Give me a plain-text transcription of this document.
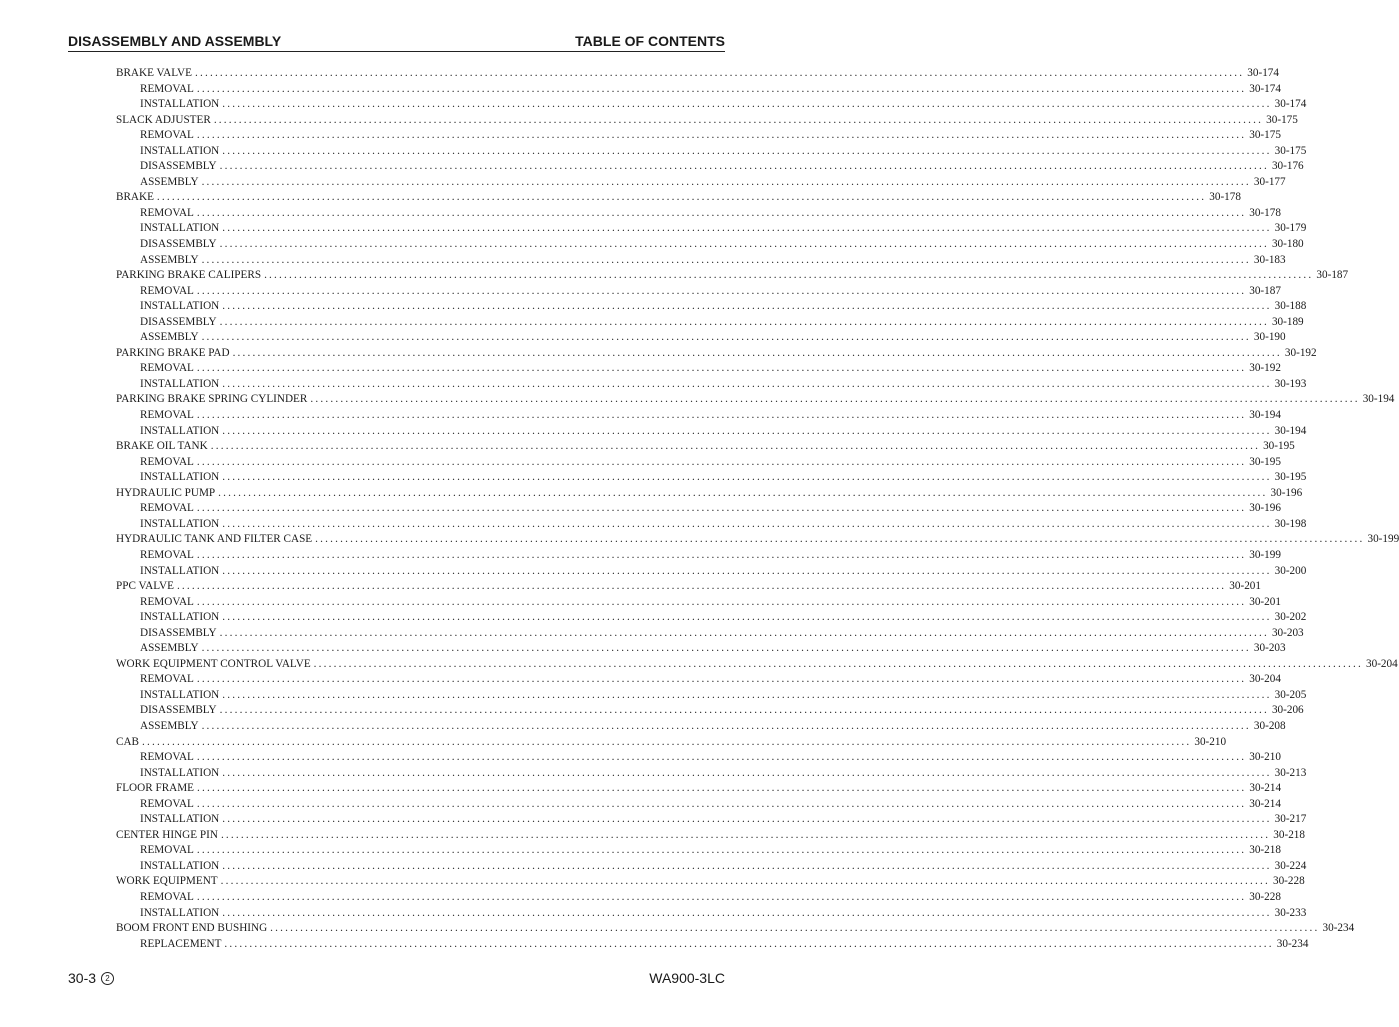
DISASSEMBLY AND ASSEMBLY	TABLE OF CONTENTS
BRAKE VALVE .................................................................................................................................................................................................................. 30-174
REMOVAL .................................................................................................................................................................................................................. 30-174
INSTALLATION .................................................................................................................................................................................................................. 30-174
SLACK ADJUSTER .................................................................................................................................................................................................................. 30-175
REMOVAL .................................................................................................................................................................................................................. 30-175
INSTALLATION .................................................................................................................................................................................................................. 30-175
DISASSEMBLY .................................................................................................................................................................................................................. 30-176
ASSEMBLY .................................................................................................................................................................................................................. 30-177
BRAKE .................................................................................................................................................................................................................. 30-178
REMOVAL .................................................................................................................................................................................................................. 30-178
INSTALLATION .................................................................................................................................................................................................................. 30-179
DISASSEMBLY .................................................................................................................................................................................................................. 30-180
ASSEMBLY .................................................................................................................................................................................................................. 30-183
PARKING BRAKE CALIPERS .................................................................................................................................................................................................................. 30-187
REMOVAL .................................................................................................................................................................................................................. 30-187
INSTALLATION .................................................................................................................................................................................................................. 30-188
DISASSEMBLY .................................................................................................................................................................................................................. 30-189
ASSEMBLY .................................................................................................................................................................................................................. 30-190
PARKING BRAKE PAD .................................................................................................................................................................................................................. 30-192
REMOVAL .................................................................................................................................................................................................................. 30-192
INSTALLATION .................................................................................................................................................................................................................. 30-193
PARKING BRAKE SPRING CYLINDER .................................................................................................................................................................................................................. 30-194
REMOVAL .................................................................................................................................................................................................................. 30-194
INSTALLATION .................................................................................................................................................................................................................. 30-194
BRAKE OIL TANK .................................................................................................................................................................................................................. 30-195
REMOVAL .................................................................................................................................................................................................................. 30-195
INSTALLATION .................................................................................................................................................................................................................. 30-195
HYDRAULIC PUMP .................................................................................................................................................................................................................. 30-196
REMOVAL .................................................................................................................................................................................................................. 30-196
INSTALLATION .................................................................................................................................................................................................................. 30-198
HYDRAULIC TANK AND FILTER CASE .................................................................................................................................................................................................................. 30-199
REMOVAL .................................................................................................................................................................................................................. 30-199
INSTALLATION .................................................................................................................................................................................................................. 30-200
PPC VALVE .................................................................................................................................................................................................................. 30-201
REMOVAL .................................................................................................................................................................................................................. 30-201
INSTALLATION .................................................................................................................................................................................................................. 30-202
DISASSEMBLY .................................................................................................................................................................................................................. 30-203
ASSEMBLY .................................................................................................................................................................................................................. 30-203
WORK EQUIPMENT CONTROL VALVE .................................................................................................................................................................................................................. 30-204
REMOVAL .................................................................................................................................................................................................................. 30-204
INSTALLATION .................................................................................................................................................................................................................. 30-205
DISASSEMBLY .................................................................................................................................................................................................................. 30-206
ASSEMBLY .................................................................................................................................................................................................................. 30-208
CAB .................................................................................................................................................................................................................. 30-210
REMOVAL .................................................................................................................................................................................................................. 30-210
INSTALLATION .................................................................................................................................................................................................................. 30-213
FLOOR FRAME .................................................................................................................................................................................................................. 30-214
REMOVAL .................................................................................................................................................................................................................. 30-214
INSTALLATION .................................................................................................................................................................................................................. 30-217
CENTER HINGE PIN .................................................................................................................................................................................................................. 30-218
REMOVAL .................................................................................................................................................................................................................. 30-218
INSTALLATION .................................................................................................................................................................................................................. 30-224
WORK EQUIPMENT .................................................................................................................................................................................................................. 30-228
REMOVAL .................................................................................................................................................................................................................. 30-228
INSTALLATION .................................................................................................................................................................................................................. 30-233
BOOM FRONT END BUSHING .................................................................................................................................................................................................................. 30-234
REPLACEMENT .................................................................................................................................................................................................................. 30-234
30-3	2	WA900-3LC
